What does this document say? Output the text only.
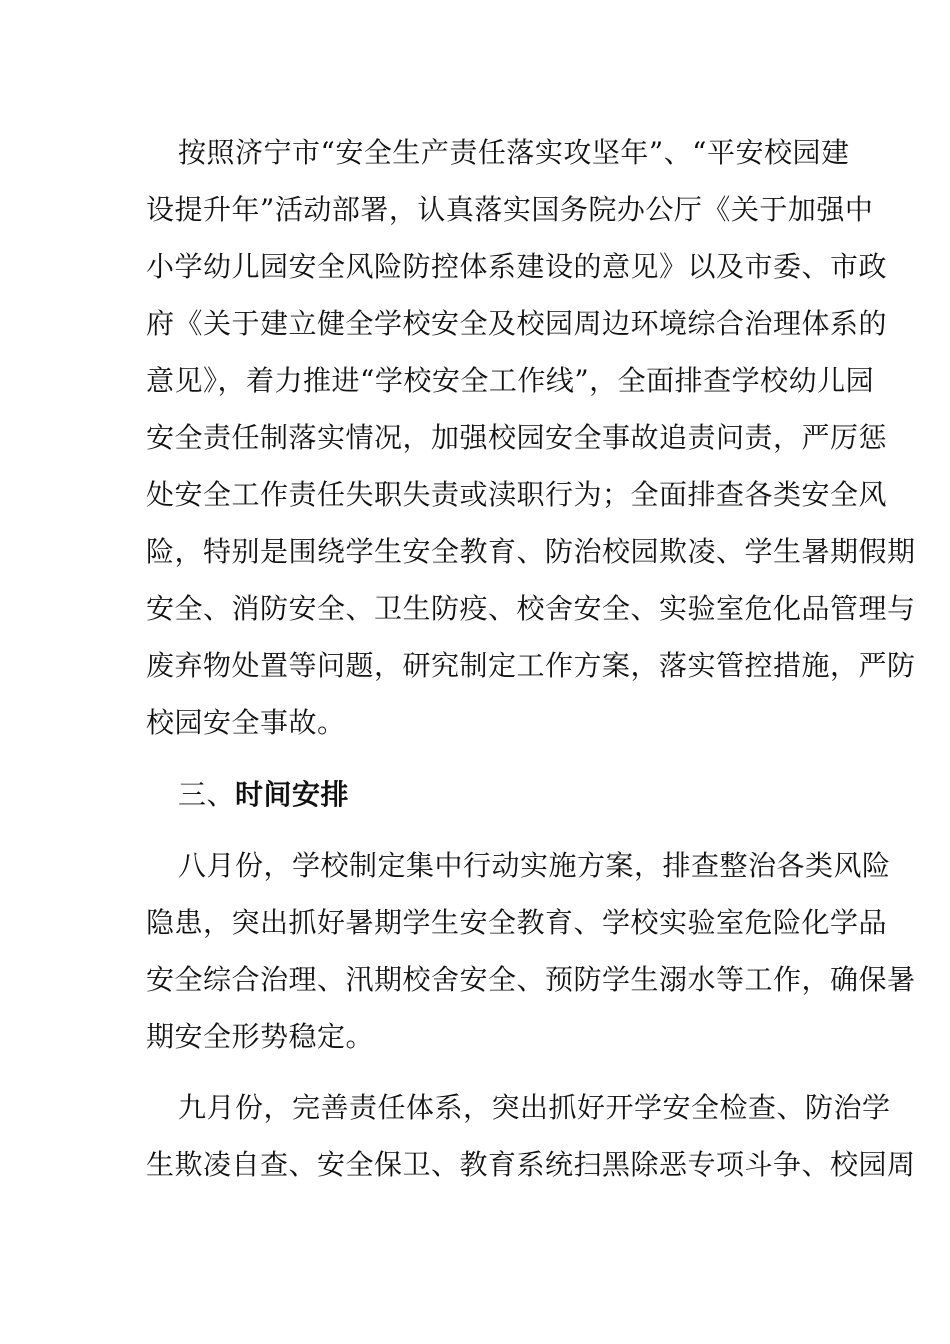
按照济宁市“安全生产责任落实攻坚年”、“平安校园建
设提升年”活动部署，认真落实国务院办公厅《关于加强中
小学幼儿园安全风险防控体系建设的意见》以及市委、市政
府《关于建立健全学校安全及校园周边环境综合治理体系的
意见》，着力推进“学校安全工作线”，全面排查学校幼儿园
安全责任制落实情况，加强校园安全事故追责问责，严厉惩
处安全工作责任失职失责或渎职行为；全面排查各类安全风
险，特别是围绕学生安全教育、防治校园欺凌、学生暑期假期
安全、消防安全、卫生防疫、校舍安全、实验室危化品管理与
废弃物处置等问题，研究制定工作方案，落实管控措施，严防
校园安全事故。
三、时间安排
八月份，学校制定集中行动实施方案，排查整治各类风险
隐患，突出抓好暑期学生安全教育、学校实验室危险化学品
安全综合治理、汛期校舍安全、预防学生溺水等工作，确保暑
期安全形势稳定。
九月份，完善责任体系，突出抓好开学安全检查、防治学
生欺凌自查、安全保卫、教育系统扫黑除恶专项斗争、校园周
